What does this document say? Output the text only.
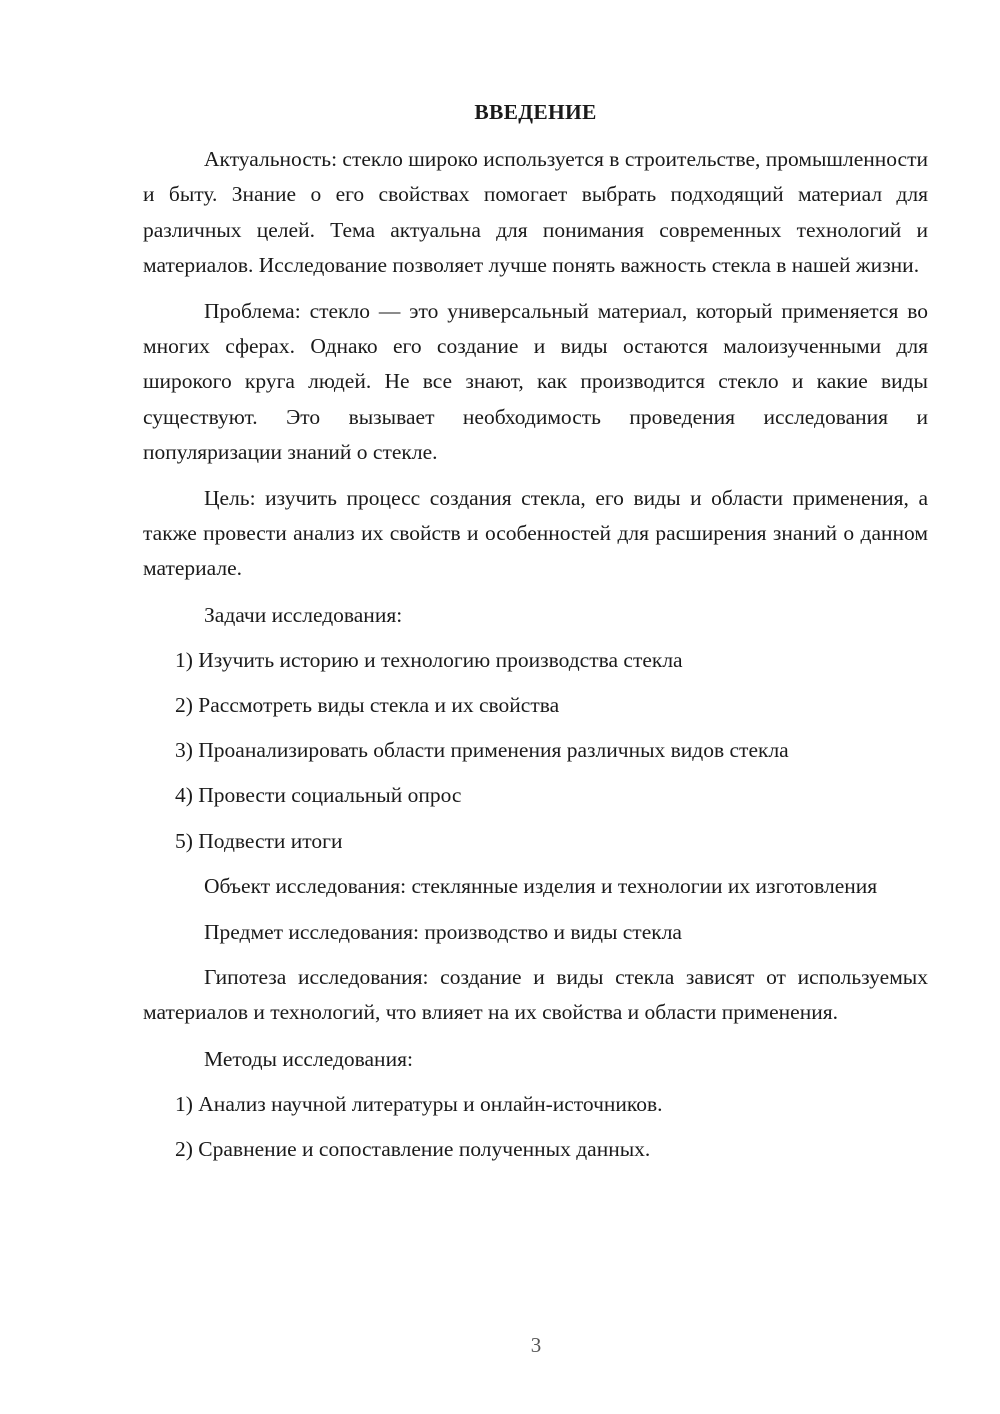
ВВЕДЕНИЕ

Актуальность: стекло широко используется в строительстве, промышленности и быту. Знание о его свойствах помогает выбрать подходящий материал для различных целей. Тема актуальна для понимания современных технологий и материалов. Исследование позволяет лучше понять важность стекла в нашей жизни.

Проблема: стекло — это универсальный материал, который применяется во многих сферах. Однако его создание и виды остаются малоизученными для широкого круга людей. Не все знают, как производится стекло и какие виды существуют. Это вызывает необходимость проведения исследования и популяризации знаний о стекле.

Цель: изучить процесс создания стекла, его виды и области применения, а также провести анализ их свойств и особенностей для расширения знаний о данном материале.

Задачи исследования:
1) Изучить историю и технологию производства стекла
2) Рассмотреть виды стекла и их свойства
3) Проанализировать области применения различных видов стекла
4) Провести социальный опрос
5) Подвести итоги

Объект исследования: стеклянные изделия и технологии их изготовления

Предмет исследования: производство и виды стекла

Гипотеза исследования: создание и виды стекла зависят от используемых материалов и технологий, что влияет на их свойства и области применения.

Методы исследования:
1) Анализ научной литературы и онлайн-источников.
2) Сравнение и сопоставление полученных данных.
3
